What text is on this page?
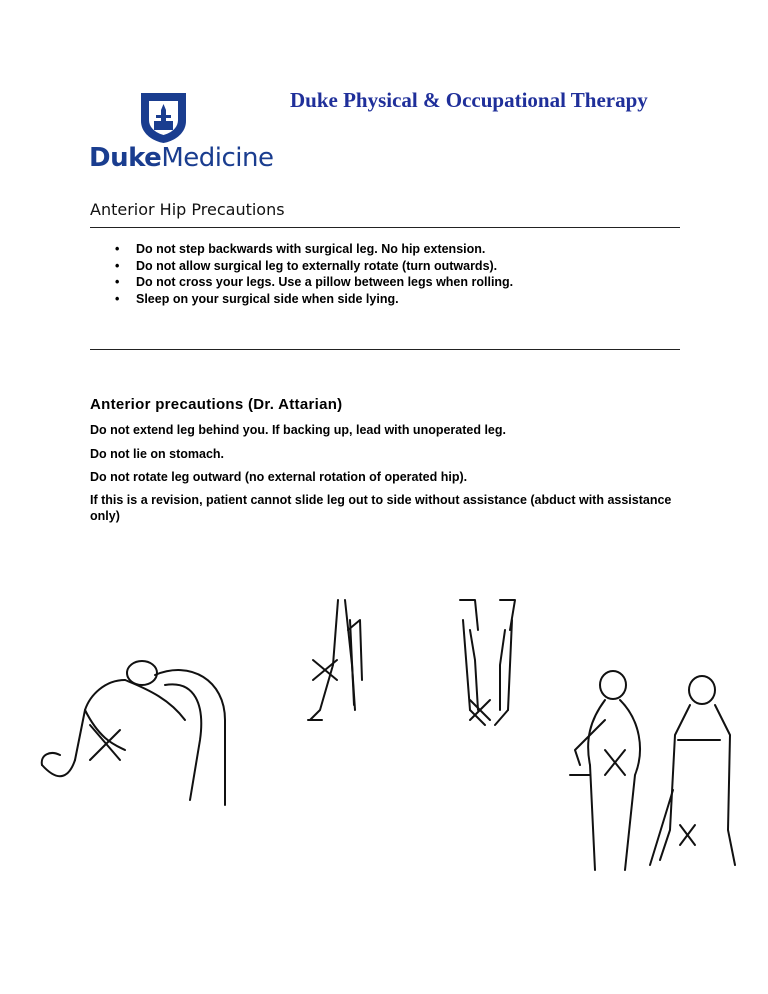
DukeMedicine
Duke Physical & Occupational Therapy
Anterior Hip Precautions
• Do not step backwards with surgical leg. No hip extension.
• Do not allow surgical leg to externally rotate (turn outwards).
• Do not cross your legs. Use a pillow between legs when rolling.
• Sleep on your surgical side when side lying.
Anterior precautions (Dr. Attarian)
Do not extend leg behind you. If backing up, lead with unoperated leg.
Do not lie on stomach.
Do not rotate leg outward (no external rotation of operated hip).
If this is a revision, patient cannot slide leg out to side without assistance (abduct with assistance only)
